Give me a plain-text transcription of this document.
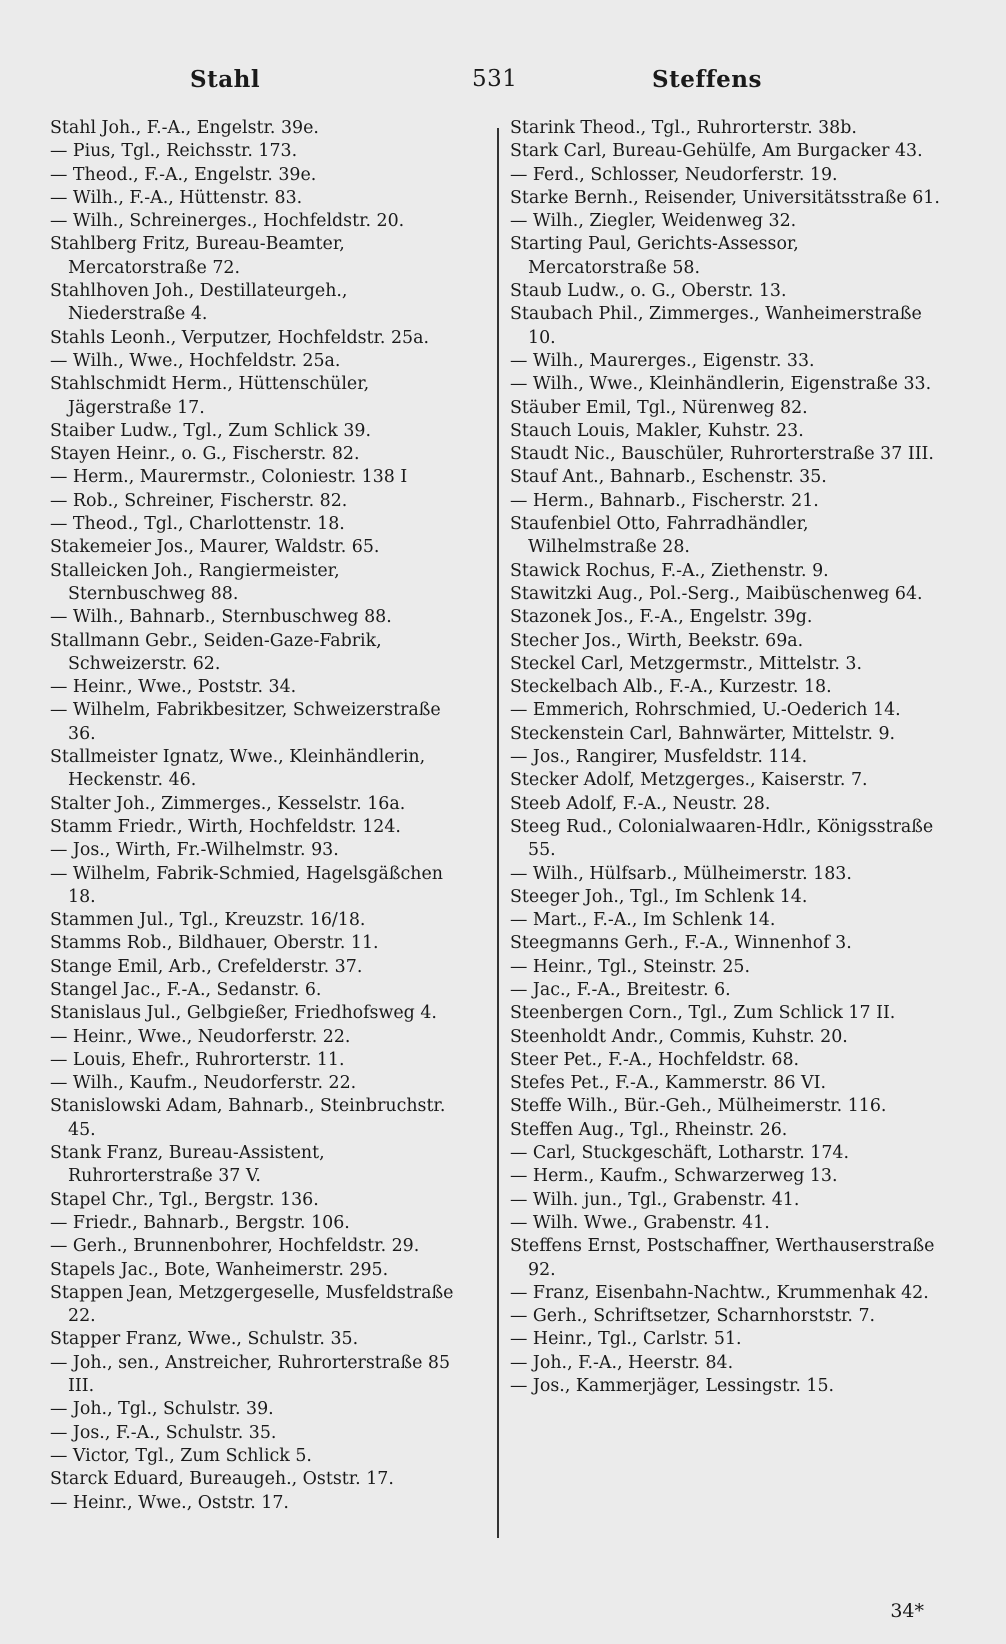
Stahl	531	Steffens
Stahl Joh., F.-A., Engelstr. 39e.
— Pius, Tgl., Reichsstr. 173.
— Theod., F.-A., Engelstr. 39e.
— Wilh., F.-A., Hüttenstr. 83.
— Wilh., Schreinerges., Hochfeldstr. 20.
Stahlberg Fritz, Bureau-Beamter, Mercatorstraße 72.
Stahlhoven Joh., Destillateurgeh., Niederstraße 4.
Stahls Leonh., Verputzer, Hochfeldstr. 25a.
— Wilh., Wwe., Hochfeldstr. 25a.
Stahlschmidt Herm., Hüttenschüler, Jägerstraße 17.
Staiber Ludw., Tgl., Zum Schlick 39.
Stayen Heinr., o. G., Fischerstr. 82.
— Herm., Maurermstr., Coloniestr. 138 I
— Rob., Schreiner, Fischerstr. 82.
— Theod., Tgl., Charlottenstr. 18.
Stakemeier Jos., Maurer, Waldstr. 65.
Stalleicken Joh., Rangiermeister, Sternbuschweg 88.
— Wilh., Bahnarb., Sternbuschweg 88.
Stallmann Gebr., Seiden-Gaze-Fabrik, Schweizerstr. 62.
— Heinr., Wwe., Poststr. 34.
— Wilhelm, Fabrikbesitzer, Schweizerstraße 36.
Stallmeister Ignatz, Wwe., Kleinhändlerin, Heckenstr. 46.
Stalter Joh., Zimmerges., Kesselstr. 16a.
Stamm Friedr., Wirth, Hochfeldstr. 124.
— Jos., Wirth, Fr.-Wilhelmstr. 93.
— Wilhelm, Fabrik-Schmied, Hagelsgäßchen 18.
Stammen Jul., Tgl., Kreuzstr. 16/18.
Stamms Rob., Bildhauer, Oberstr. 11.
Stange Emil, Arb., Crefelderstr. 37.
Stangel Jac., F.-A., Sedanstr. 6.
Stanislaus Jul., Gelbgießer, Friedhofsweg 4.
— Heinr., Wwe., Neudorferstr. 22.
— Louis, Ehefr., Ruhrorterstr. 11.
— Wilh., Kaufm., Neudorferstr. 22.
Stanislowski Adam, Bahnarb., Steinbruchstr. 45.
Stank Franz, Bureau-Assistent, Ruhrorterstraße 37 V.
Stapel Chr., Tgl., Bergstr. 136.
— Friedr., Bahnarb., Bergstr. 106.
— Gerh., Brunnenbohrer, Hochfeldstr. 29.
Stapels Jac., Bote, Wanheimerstr. 295.
Stappen Jean, Metzgergeselle, Musfeldstraße 22.
Stapper Franz, Wwe., Schulstr. 35.
— Joh., sen., Anstreicher, Ruhrorterstraße 85 III.
— Joh., Tgl., Schulstr. 39.
— Jos., F.-A., Schulstr. 35.
— Victor, Tgl., Zum Schlick 5.
Starck Eduard, Bureaugeh., Oststr. 17.
— Heinr., Wwe., Oststr. 17.
Starink Theod., Tgl., Ruhrorterstr. 38b.
Stark Carl, Bureau-Gehülfe, Am Burgacker 43.
— Ferd., Schlosser, Neudorferstr. 19.
Starke Bernh., Reisender, Universitätsstraße 61.
— Wilh., Ziegler, Weidenweg 32.
Starting Paul, Gerichts-Assessor, Mercatorstraße 58.
Staub Ludw., o. G., Oberstr. 13.
Staubach Phil., Zimmerges., Wanheimerstraße 10.
— Wilh., Maurerges., Eigenstr. 33.
— Wilh., Wwe., Kleinhändlerin, Eigenstraße 33.
Stäuber Emil, Tgl., Nürenweg 82.
Stauch Louis, Makler, Kuhstr. 23.
Staudt Nic., Bauschüler, Ruhrorterstraße 37 III.
Stauf Ant., Bahnarb., Eschenstr. 35.
— Herm., Bahnarb., Fischerstr. 21.
Staufenbiel Otto, Fahrradhändler, Wilhelmstraße 28.
Stawick Rochus, F.-A., Ziethenstr. 9.
Stawitzki Aug., Pol.-Serg., Maibüschenweg 64.
Stazonek Jos., F.-A., Engelstr. 39g.
Stecher Jos., Wirth, Beekstr. 69a.
Steckel Carl, Metzgermstr., Mittelstr. 3.
Steckelbach Alb., F.-A., Kurzestr. 18.
— Emmerich, Rohrschmied, U.-Oederich 14.
Steckenstein Carl, Bahnwärter, Mittelstr. 9.
— Jos., Rangirer, Musfeldstr. 114.
Stecker Adolf, Metzgerges., Kaiserstr. 7.
Steeb Adolf, F.-A., Neustr. 28.
Steeg Rud., Colonialwaaren-Hdlr., Königsstraße 55.
— Wilh., Hülfsarb., Mülheimerstr. 183.
Steeger Joh., Tgl., Im Schlenk 14.
— Mart., F.-A., Im Schlenk 14.
Steegmanns Gerh., F.-A., Winnenhof 3.
— Heinr., Tgl., Steinstr. 25.
— Jac., F.-A., Breitestr. 6.
Steenbergen Corn., Tgl., Zum Schlick 17 II.
Steenholdt Andr., Commis, Kuhstr. 20.
Steer Pet., F.-A., Hochfeldstr. 68.
Stefes Pet., F.-A., Kammerstr. 86 VI.
Steffe Wilh., Bür.-Geh., Mülheimerstr. 116.
Steffen Aug., Tgl., Rheinstr. 26.
— Carl, Stuckgeschäft, Lotharstr. 174.
— Herm., Kaufm., Schwarzerweg 13.
— Wilh. jun., Tgl., Grabenstr. 41.
— Wilh. Wwe., Grabenstr. 41.
Steffens Ernst, Postschaffner, Werthauserstraße 92.
— Franz, Eisenbahn-Nachtw., Krummenhak 42.
— Gerh., Schriftsetzer, Scharnhorststr. 7.
— Heinr., Tgl., Carlstr. 51.
— Joh., F.-A., Heerstr. 84.
— Jos., Kammerjäger, Lessingstr. 15.
34*
